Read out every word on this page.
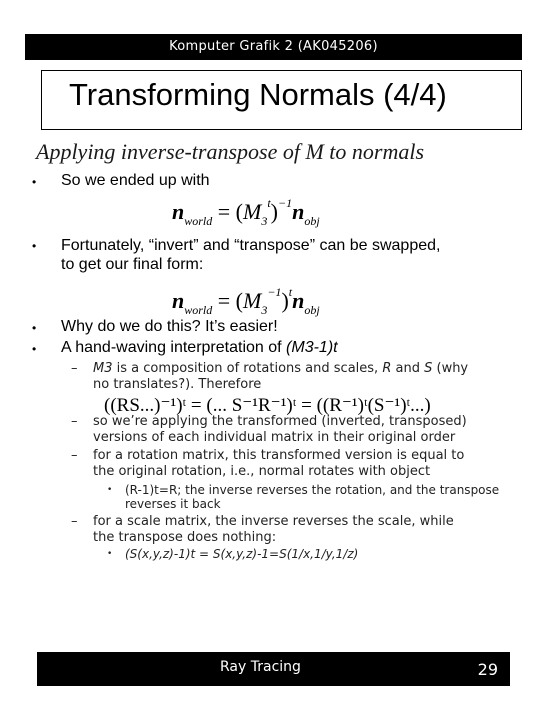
Komputer Grafik 2 (AK045206)
Transforming Normals (4/4)
Applying inverse-transpose of M to normals
• So we ended up with
$n_{world} = (M_3^t)^{-1}n_{obj}$
• Fortunately, “invert” and “transpose” can be swapped,
to get our final form:
$n_{world} = (M_3^{-1})^tn_{obj}$
• Why do we do this? It’s easier!
• A hand-waving interpretation of (M3-1)t
– M3 is a composition of rotations and scales, R and S (why
no translates?). Therefore
((RS...)⁻¹)ᵗ = (... S⁻¹R⁻¹)ᵗ = ((R⁻¹)ᵗ(S⁻¹)ᵗ...)
– so we’re applying the transformed (inverted, transposed)
versions of each individual matrix in their original order
– for a rotation matrix, this transformed version is equal to
the original rotation, i.e., normal rotates with object
• (R-1)t=R; the inverse reverses the rotation, and the transpose
reverses it back
– for a scale matrix, the inverse reverses the scale, while
the transpose does nothing:
• (S(x,y,z)-1)t = S(x,y,z)-1=S(1/x,1/y,1/z)
Ray Tracing	29
